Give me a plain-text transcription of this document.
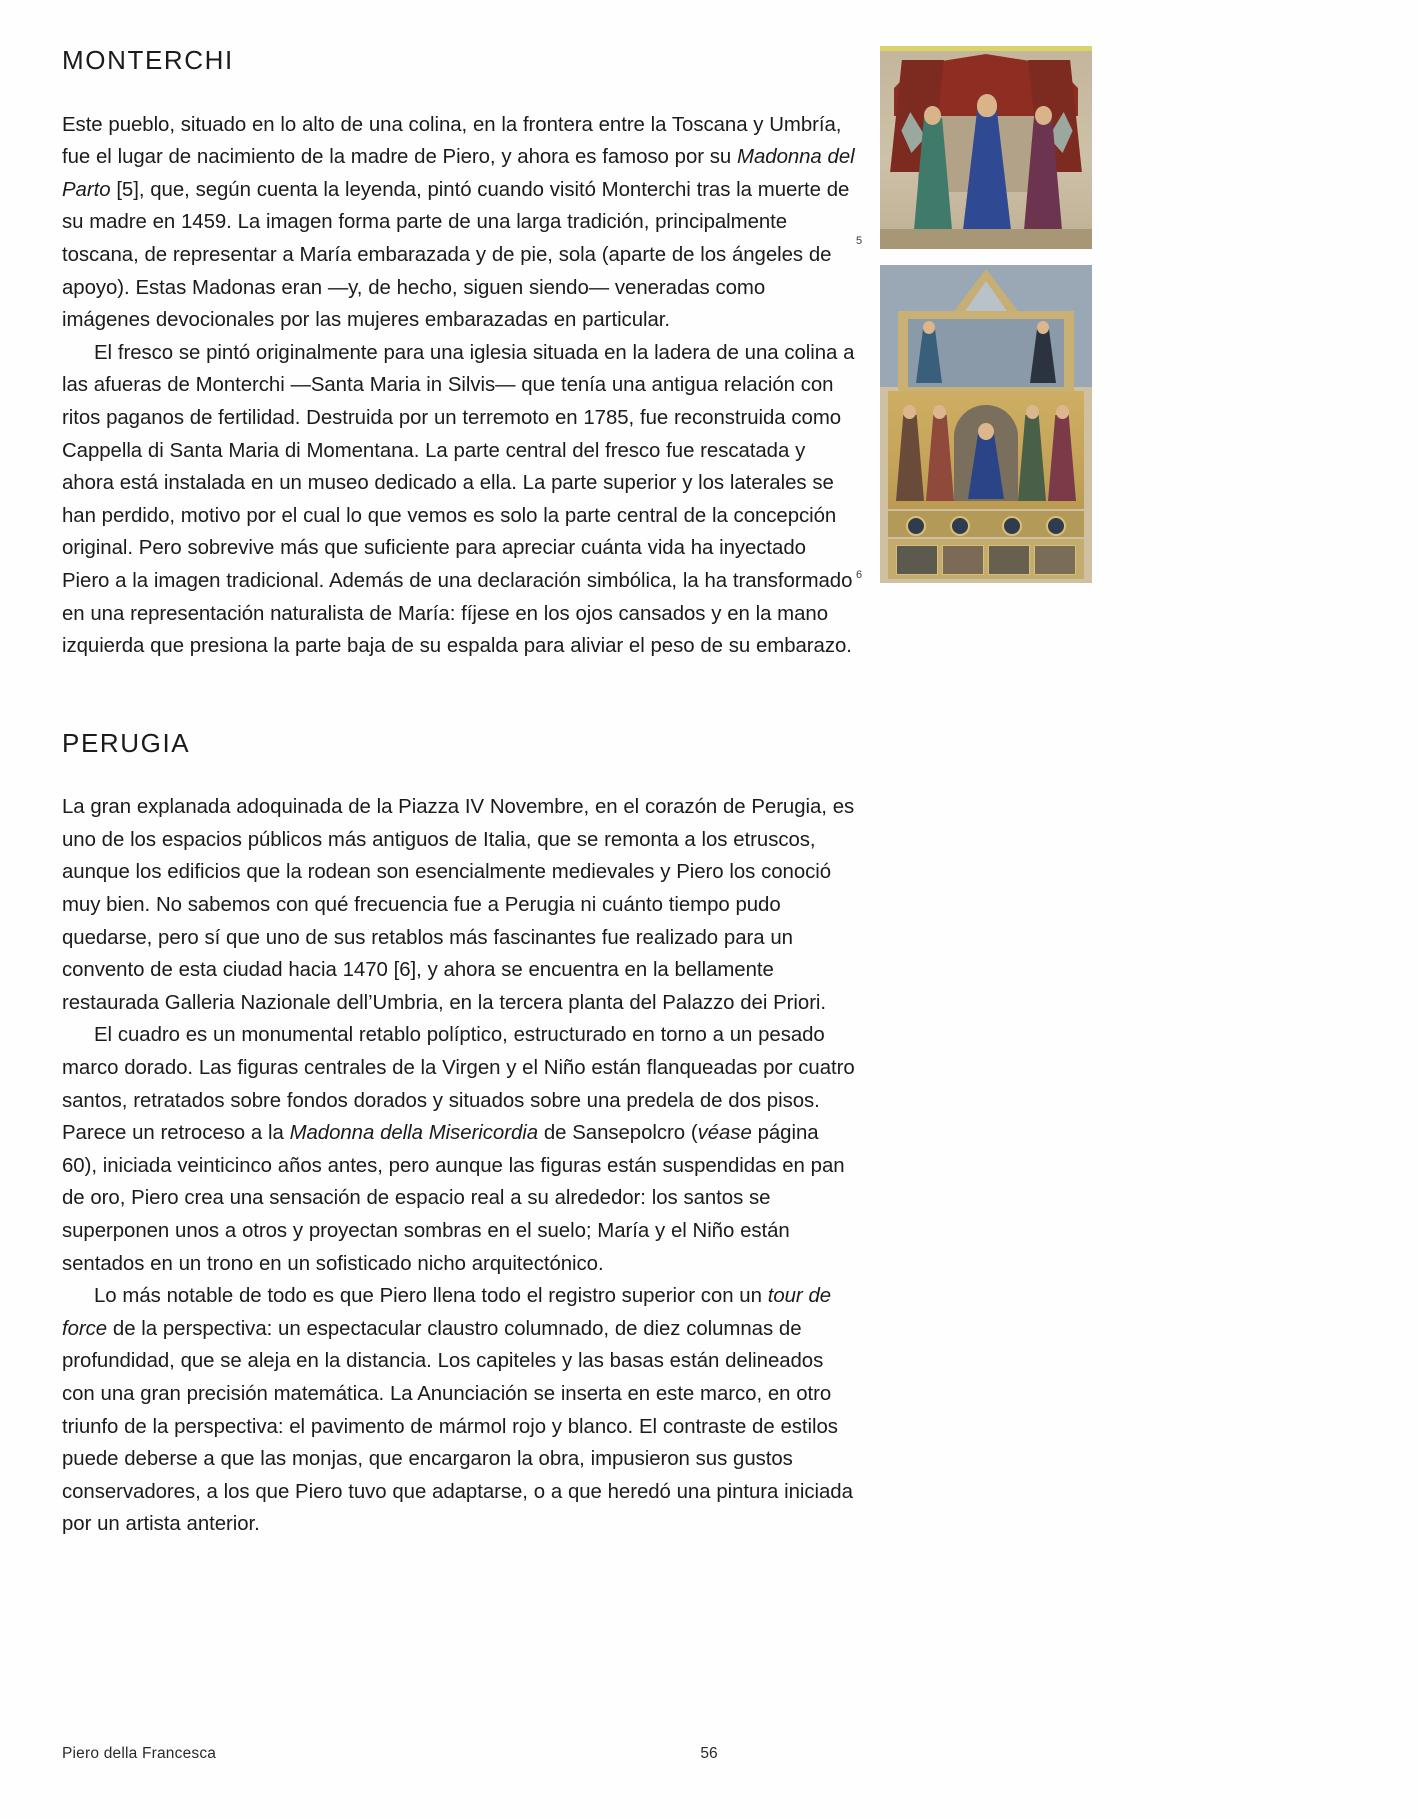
MONTERCHI

Este pueblo, situado en lo alto de una colina, en la frontera entre la Toscana y Umbría, fue el lugar de nacimiento de la madre de Piero, y ahora es famoso por su Madonna del Parto [5], que, según cuenta la leyenda, pintó cuando visitó Monterchi tras la muerte de su madre en 1459. La imagen forma parte de una larga tradición, principalmente toscana, de representar a María embarazada y de pie, sola (aparte de los ángeles de apoyo). Estas Madonas eran —y, de hecho, siguen siendo— veneradas como imágenes devocionales por las mujeres embarazadas en particular.

El fresco se pintó originalmente para una iglesia situada en la ladera de una colina a las afueras de Monterchi —Santa Maria in Silvis— que tenía una antigua relación con ritos paganos de fertilidad. Destruida por un terremoto en 1785, fue reconstruida como Cappella di Santa Maria di Momentana. La parte central del fresco fue rescatada y ahora está instalada en un museo dedicado a ella. La parte superior y los laterales se han perdido, motivo por el cual lo que vemos es solo la parte central de la concepción original. Pero sobrevive más que suficiente para apreciar cuánta vida ha inyectado Piero a la imagen tradicional. Además de una declaración simbólica, la ha transformado en una representación naturalista de María: fíjese en los ojos cansados y en la mano izquierda que presiona la parte baja de su espalda para aliviar el peso de su embarazo.

PERUGIA

La gran explanada adoquinada de la Piazza IV Novembre, en el corazón de Perugia, es uno de los espacios públicos más antiguos de Italia, que se remonta a los etruscos, aunque los edificios que la rodean son esencialmente medievales y Piero los conoció muy bien. No sabemos con qué frecuencia fue a Perugia ni cuánto tiempo pudo quedarse, pero sí que uno de sus retablos más fascinantes fue realizado para un convento de esta ciudad hacia 1470 [6], y ahora se encuentra en la bellamente restaurada Galleria Nazionale dell’Umbria, en la tercera planta del Palazzo dei Priori.

El cuadro es un monumental retablo políptico, estructurado en torno a un pesado marco dorado. Las figuras centrales de la Virgen y el Niño están flanqueadas por cuatro santos, retratados sobre fondos dorados y situados sobre una predela de dos pisos. Parece un retroceso a la Madonna della Misericordia de Sansepolcro (véase página 60), iniciada veinticinco años antes, pero aunque las figuras están suspendidas en pan de oro, Piero crea una sensación de espacio real a su alrededor: los santos se superponen unos a otros y proyectan sombras en el suelo; María y el Niño están sentados en un trono en un sofisticado nicho arquitectónico.

Lo más notable de todo es que Piero llena todo el registro superior con un tour de force de la perspectiva: un espectacular claustro columnado, de diez columnas de profundidad, que se aleja en la distancia. Los capiteles y las basas están delineados con una gran precisión matemática. La Anunciación se inserta en este marco, en otro triunfo de la perspectiva: el pavimento de mármol rojo y blanco. El contraste de estilos puede deberse a que las monjas, que encargaron la obra, impusieron sus gustos conservadores, a los que Piero tuvo que adaptarse, o a que heredó una pintura iniciada por un artista anterior.

5
6
Piero della Francesca	56
